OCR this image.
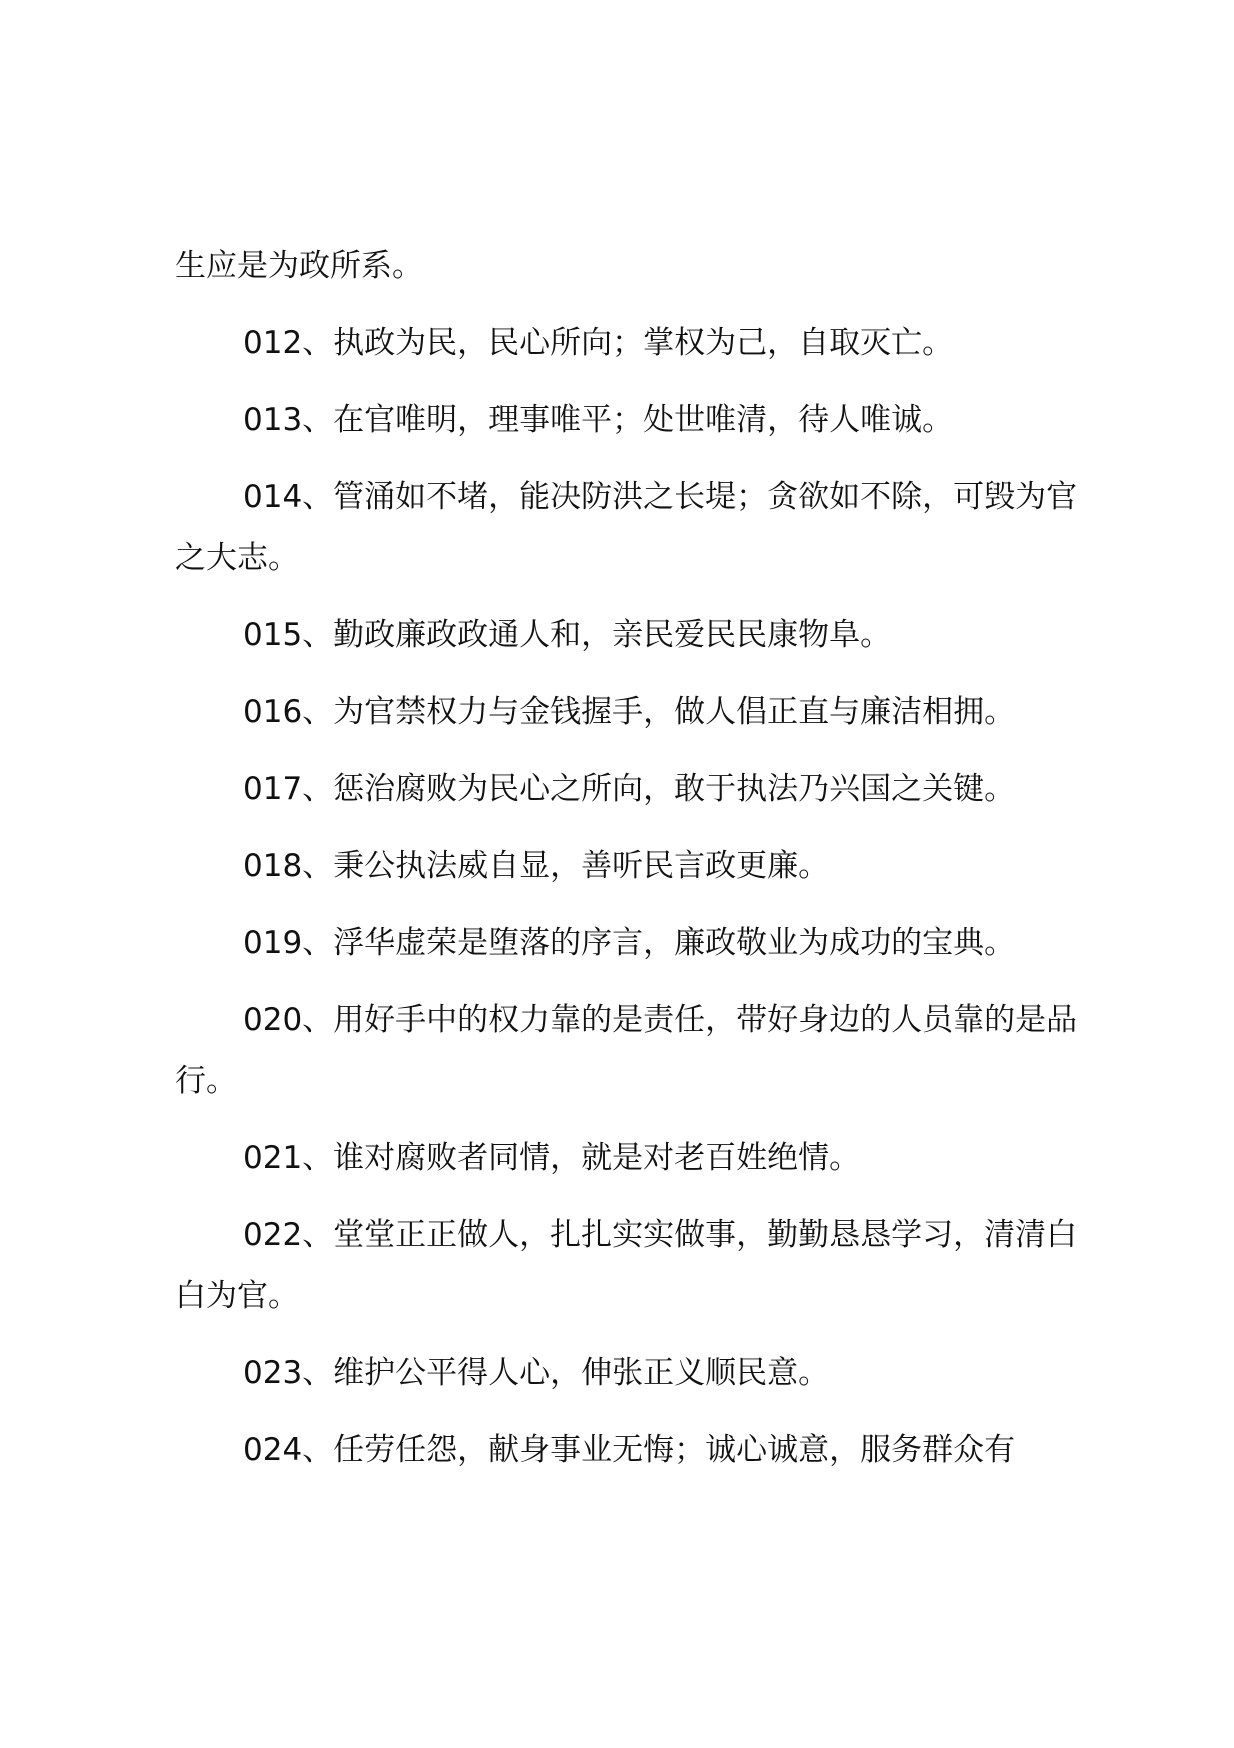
生应是为政所系。

012、执政为民，民心所向；掌权为己，自取灭亡。

013、在官唯明，理事唯平；处世唯清，待人唯诚。

014、管涌如不堵，能决防洪之长堤；贪欲如不除，可毁为官之大志。

015、勤政廉政政通人和，亲民爱民民康物阜。

016、为官禁权力与金钱握手，做人倡正直与廉洁相拥。

017、惩治腐败为民心之所向，敢于执法乃兴国之关键。

018、秉公执法威自显，善听民言政更廉。

019、浮华虚荣是堕落的序言，廉政敬业为成功的宝典。

020、用好手中的权力靠的是责任，带好身边的人员靠的是品行。

021、谁对腐败者同情，就是对老百姓绝情。

022、堂堂正正做人，扎扎实实做事，勤勤恳恳学习，清清白白为官。

023、维护公平得人心，伸张正义顺民意。

024、任劳任怨，献身事业无悔；诚心诚意，服务群众有
